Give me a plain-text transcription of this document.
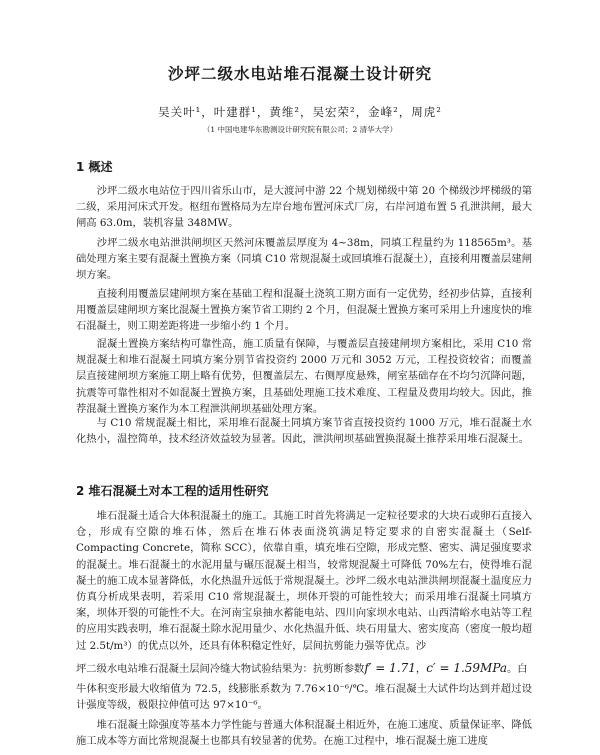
沙坪二级水电站堆石混凝土设计研究
吴关叶¹，叶建群¹，黄维²，吴宏荣²，金峰²，周虎²
（1 中国电建华东勘测设计研究院有限公司；2 清华大学）
1 概述

沙坪二级水电站位于四川省乐山市，是大渡河中游 22 个规划梯级中第 20 个梯级沙坪梯级的第二级，采用河床式开发。枢纽布置格局为左岸台地布置河床式厂房，右岸河道布置 5 孔泄洪闸，最大闸高 63.0m，装机容量 348MW。

沙坪二级水电站泄洪闸坝区天然河床覆盖层厚度为 4~38m，同填工程量约为 118565m³。基础处理方案主要有混凝土置换方案（同填 C10 常规混凝土或回填堆石混凝土），直接利用覆盖层建闸坝方案。

直接利用覆盖层建闸坝方案在基础工程和混凝土浇筑工期方面有一定优势，经初步估算，直接利用覆盖层建闸坝方案比混凝土置换方案节省工期约 2 个月，但混凝土置换方案可采用上升速度快的堆石混凝土，则工期差距将进一步缩小约 1 个月。

混凝土置换方案结构可靠性高，施工质量有保障，与覆盖层直接建闸坝方案相比，采用 C10 常规混凝土和堆石混凝土同填方案分别节省投资约 2000 万元和 3052 万元，工程投资较省；而覆盖层直接建闸坝方案施工期上略有优势，但覆盖层左、右侧厚度悬殊，闸室基础存在不均匀沉降问题，抗震等可靠性相对不如混凝土置换方案，且基础处理施工技术难度、工程量及费用均较大。因此，推荐混凝土置换方案作为本工程泄洪闸坝基础处理方案。

与 C10 常规混凝土相比，采用堆石混凝土同填方案节省直接投资约 1000 万元，堆石混凝土水化热小，温控简单，技术经济效益较为显著。因此，泄洪闸坝基础置换混凝土推荐采用堆石混凝土。

2 堆石混凝土对本工程的适用性研究

堆石混凝土适合大体积混凝土的施工。其施工时首先将满足一定粒径要求的大块石或卵石直接入仓，形成有空隙的堆石体，然后在堆石体表面浇筑满足特定要求的自密实混凝土（Self-Compacting Concrete，简称 SCC），依靠自重，填充堆石空隙，形成完整、密实、满足强度要求的混凝土。堆石混凝土的水泥用量与碾压混凝土相当，较常规混凝土可降低 70%左右，使得堆石混凝土的施工成本显著降低，水化热温升远低于常规混凝土。沙坪二级水电站泄洪闸坝混凝土温度应力仿真分析成果表明，若采用 C10 常规混凝土，坝体开裂的可能性较大；而采用堆石混凝土同填方案，坝体开裂的可能性不大。在河南宝泉抽水蓄能电站、四川向家坝水电站、山西清峪水电站等工程的应用实践表明，堆石混凝土除水泥用量少、水化热温升低、块石用量大、密实度高（密度一般均超过 2.5t/m³）的优点以外，还具有体积稳定性好，层间抗剪能力强等优点。沙

坪二级水电站堆石混凝土层间冷缝大物试验结果为：抗剪断参数f′ = 1.71，c′ = 1.59MPa。白

牛体积变形最大收缩值为 72.5，线膨胀系数为 7.76×10⁻⁶/℃。堆石混凝土大试件均达到并超过设计强度等级，极限拉伸值可达 97×10⁻⁶。

堆石混凝土除强度等基本力学性能与普通大体积混凝土相近外，在施工速度、质量保证率、降低施工成本等方面比常规混凝土也都具有较显著的优势。在施工过程中，堆石混凝土施工进度
